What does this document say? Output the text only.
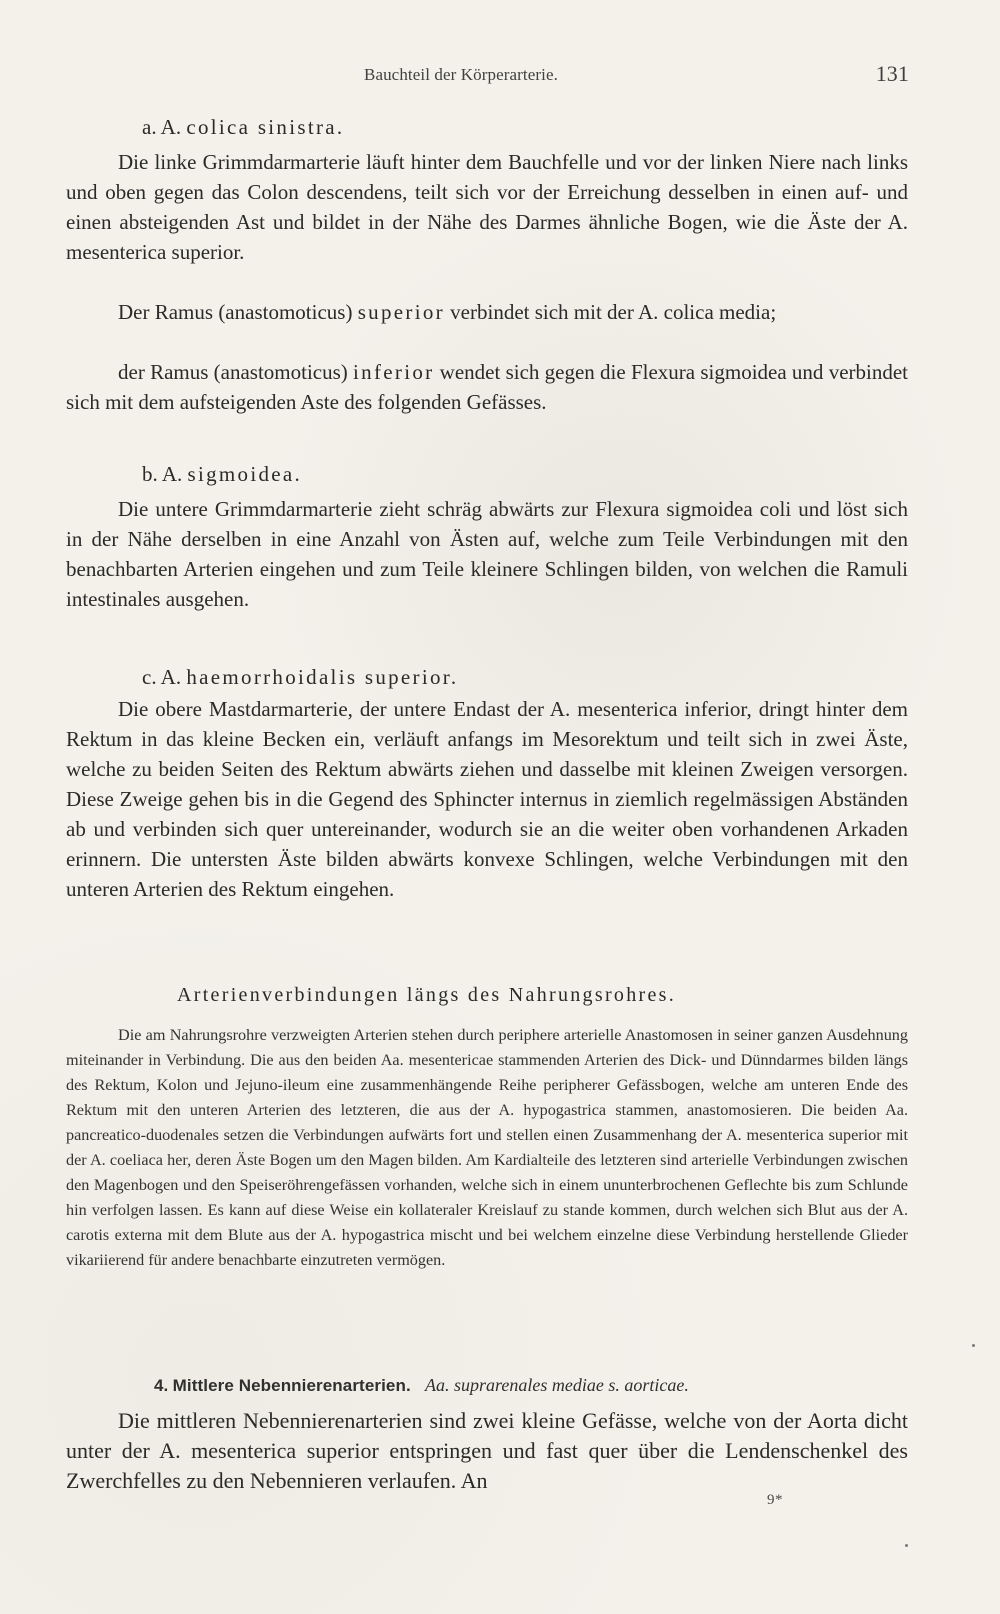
Bauchteil der Körperarterie.	131
a. A. colica sinistra.

Die linke Grimmdarmarterie läuft hinter dem Bauchfelle und vor der linken Niere nach links und oben gegen das Colon descendens, teilt sich vor der Erreichung desselben in einen auf- und einen absteigenden Ast und bildet in der Nähe des Darmes ähnliche Bogen, wie die Äste der A. mesenterica superior.

Der Ramus (anastomoticus) superior verbindet sich mit der A. colica media;

der Ramus (anastomoticus) inferior wendet sich gegen die Flexura sigmoidea und verbindet sich mit dem aufsteigenden Aste des folgenden Gefässes.

b. A. sigmoidea.

Die untere Grimmdarmarterie zieht schräg abwärts zur Flexura sigmoidea coli und löst sich in der Nähe derselben in eine Anzahl von Ästen auf, welche zum Teile Verbindungen mit den benachbarten Arterien eingehen und zum Teile kleinere Schlingen bilden, von welchen die Ramuli intestinales ausgehen.

c. A. haemorrhoidalis superior.

Die obere Mastdarmarterie, der untere Endast der A. mesenterica inferior, dringt hinter dem Rektum in das kleine Becken ein, verläuft anfangs im Mesorektum und teilt sich in zwei Äste, welche zu beiden Seiten des Rektum abwärts ziehen und dasselbe mit kleinen Zweigen versorgen. Diese Zweige gehen bis in die Gegend des Sphincter internus in ziemlich regelmässigen Abständen ab und verbinden sich quer untereinander, wodurch sie an die weiter oben vorhandenen Arkaden erinnern. Die untersten Äste bilden abwärts konvexe Schlingen, welche Verbindungen mit den unteren Arterien des Rektum eingehen.

Arterienverbindungen längs des Nahrungsrohres.

Die am Nahrungsrohre verzweigten Arterien stehen durch periphere arterielle Anastomosen in seiner ganzen Ausdehnung miteinander in Verbindung. Die aus den beiden Aa. mesentericae stammenden Arterien des Dick- und Dünndarmes bilden längs des Rektum, Kolon und Jejuno-ileum eine zusammenhängende Reihe peripherer Gefässbogen, welche am unteren Ende des Rektum mit den unteren Arterien des letzteren, die aus der A. hypogastrica stammen, anastomosieren. Die beiden Aa. pancreatico-duodenales setzen die Verbindungen aufwärts fort und stellen einen Zusammenhang der A. mesenterica superior mit der A. coeliaca her, deren Äste Bogen um den Magen bilden. Am Kardialteile des letzteren sind arterielle Verbindungen zwischen den Magenbogen und den Speiseröhrengefässen vorhanden, welche sich in einem ununterbrochenen Geflechte bis zum Schlunde hin verfolgen lassen. Es kann auf diese Weise ein kollateraler Kreislauf zu stande kommen, durch welchen sich Blut aus der A. carotis externa mit dem Blute aus der A. hypogastrica mischt und bei welchem einzelne diese Verbindung herstellende Glieder vikariierend für andere benachbarte einzutreten vermögen.

4. Mittlere Nebennierenarterien. Aa. suprarenales mediae s. aorticae.

Die mittleren Nebennierenarterien sind zwei kleine Gefässe, welche von der Aorta dicht unter der A. mesenterica superior entspringen und fast quer über die Lendenschenkel des Zwerchfelles zu den Nebennieren verlaufen. An

9*
